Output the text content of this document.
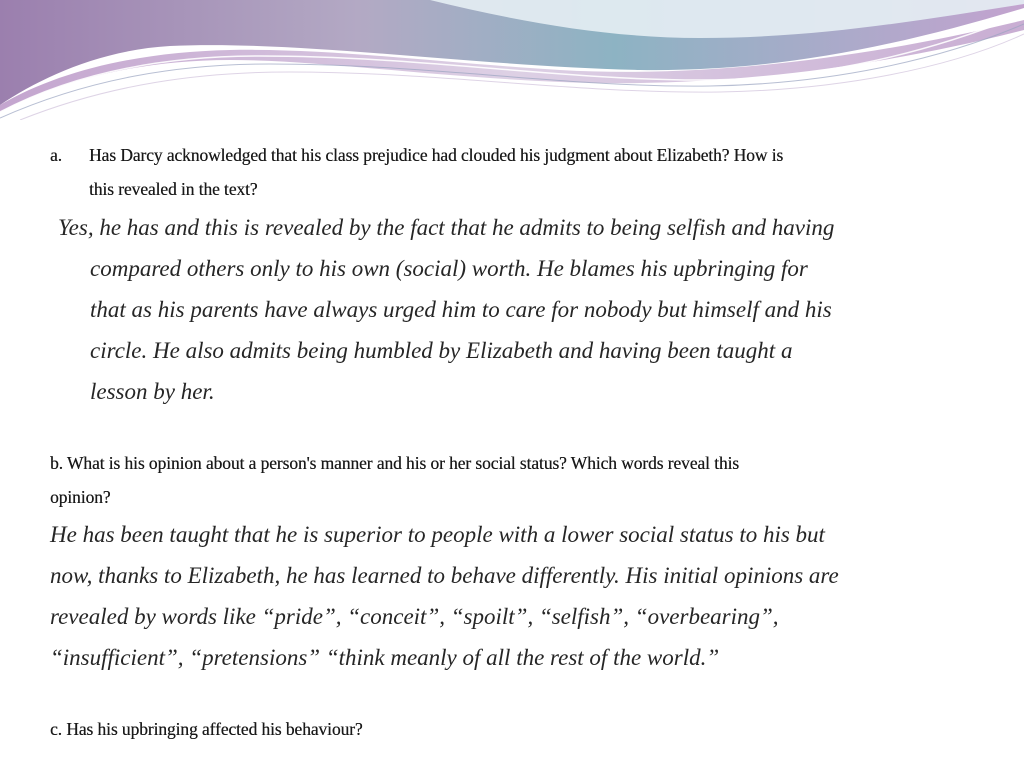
a. Has Darcy acknowledged that his class prejudice had clouded his judgment about Elizabeth? How is

this revealed in the text?

Yes, he has and this is revealed by the fact that he admits to being selfish and having

compared others only to his own (social) worth. He blames his upbringing for

that as his parents have always urged him to care for nobody but himself and his

circle. He also admits being humbled by Elizabeth and having been taught a

lesson by her.

b. What is his opinion about a person's manner and his or her social status? Which words reveal this

opinion?

He has been taught that he is superior to people with a lower social status to his but

now, thanks to Elizabeth, he has learned to behave differently. His initial opinions are

revealed by words like “pride”, “conceit”, “spoilt”, “selfish”, “overbearing”,

“insufficient”, “pretensions” “think meanly of all the rest of the world.”

c. Has his upbringing affected his behaviour?
